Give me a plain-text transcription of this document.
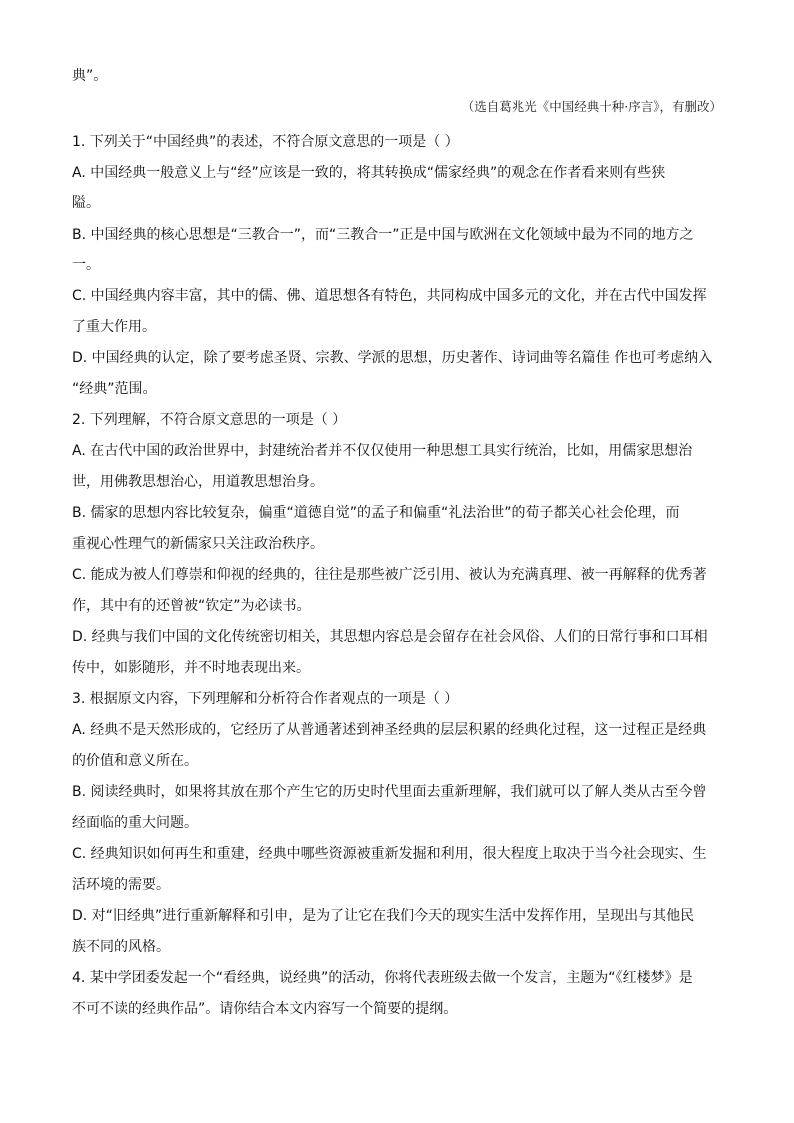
典”。
（选自葛兆光《中国经典十种·序言》，有删改）
1. 下列关于“中国经典”的表述，不符合原文意思的一项是（ ）
A. 中国经典一般意义上与“经”应该是一致的，将其转换成“儒家经典”的观念在作者看来则有些狭
隘。
B. 中国经典的核心思想是“三教合一”，而“三教合一”正是中国与欧洲在文化领域中最为不同的地方之
一。
C. 中国经典内容丰富，其中的儒、佛、道思想各有特色，共同构成中国多元的文化，并在古代中国发挥
了重大作用。
D. 中国经典的认定，除了要考虑圣贤、宗教、学派的思想，历史著作、诗词曲等名篇佳 作也可考虑纳入
“经典”范围。
2. 下列理解，不符合原文意思的一项是（ ）
A. 在古代中国的政治世界中，封建统治者并不仅仅使用一种思想工具实行统治，比如，用儒家思想治
世，用佛教思想治心，用道教思想治身。
B. 儒家的思想内容比较复杂，偏重“道德自觉”的孟子和偏重“礼法治世”的荀子都关心社会伦理，而
重视心性理气的新儒家只关注政治秩序。
C. 能成为被人们尊崇和仰视的经典的，往往是那些被广泛引用、被认为充满真理、被一再解释的优秀著
作，其中有的还曾被“钦定”为必读书。
D. 经典与我们中国的文化传统密切相关，其思想内容总是会留存在社会风俗、人们的日常行事和口耳相
传中，如影随形，并不时地表现出来。
3. 根据原文内容，下列理解和分析符合作者观点的一项是（ ）
A. 经典不是天然形成的，它经历了从普通著述到神圣经典的层层积累的经典化过程，这一过程正是经典
的价值和意义所在。
B. 阅读经典时，如果将其放在那个产生它的历史时代里面去重新理解，我们就可以了解人类从古至今曾
经面临的重大问题。
C. 经典知识如何再生和重建，经典中哪些资源被重新发掘和利用，很大程度上取决于当今社会现实、生
活环境的需要。
D. 对“旧经典”进行重新解释和引申，是为了让它在我们今天的现实生活中发挥作用，呈现出与其他民
族不同的风格。
4. 某中学团委发起一个“看经典，说经典”的活动，你将代表班级去做一个发言，主题为“《红楼梦》是
不可不读的经典作品”。请你结合本文内容写一个简要的提纲。
